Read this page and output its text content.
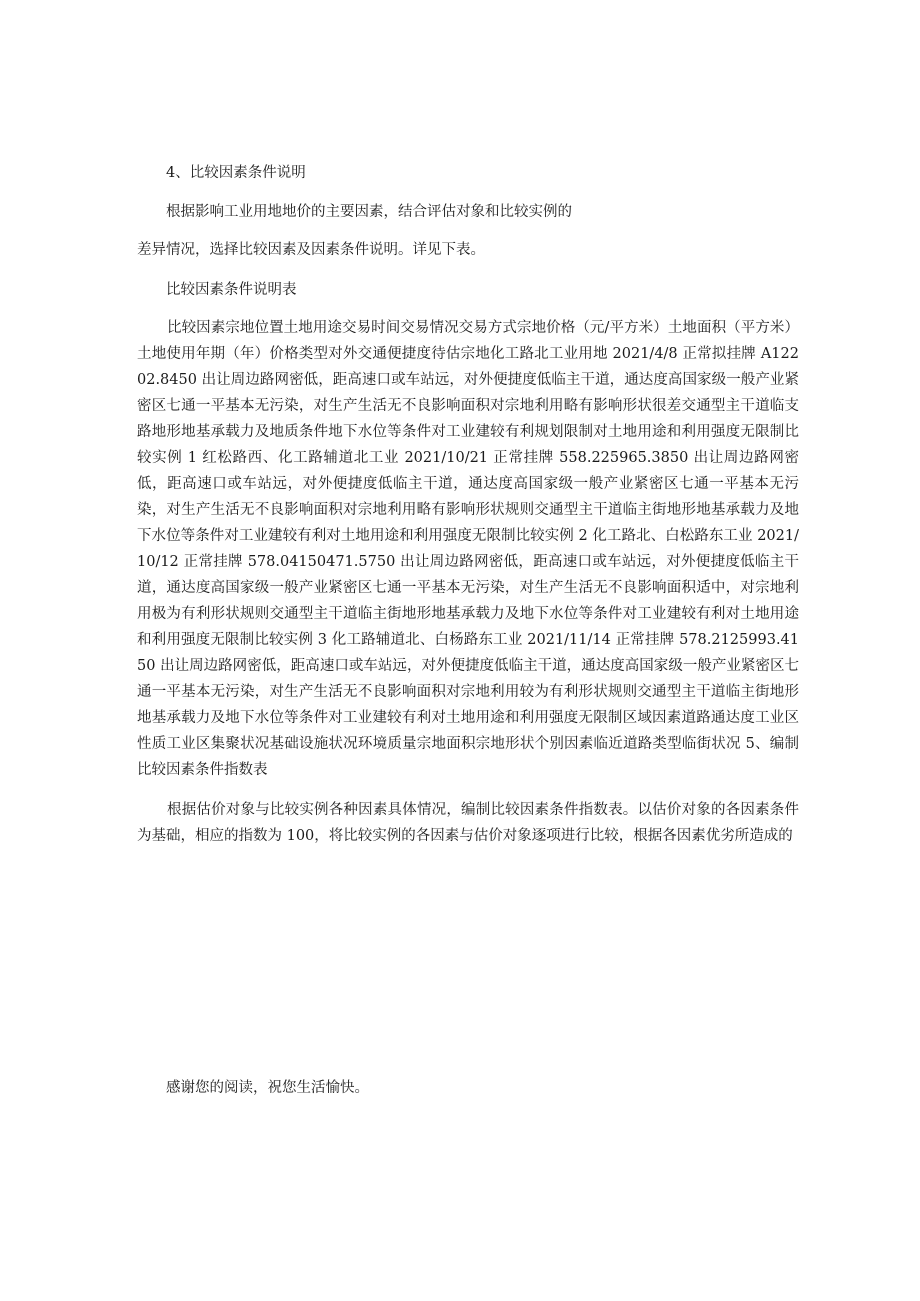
4、比较因素条件说明

根据影响工业用地地价的主要因素，结合评估对象和比较实例的

差异情况，选择比较因素及因素条件说明。详见下表。

比较因素条件说明表

比较因素宗地位置土地用途交易时间交易情况交易方式宗地价格（元/平方米）土地面积（平方米）土地使用年期（年）价格类型对外交通便捷度待估宗地化工路北工业用地 2021/4/8 正常拟挂牌 A12202.8450 出让周边路网密低，距高速口或车站远，对外便捷度低临主干道，通达度高国家级一般产业紧密区七通一平基本无污染，对生产生活无不良影响面积对宗地利用略有影响形状很差交通型主干道临支路地形地基承载力及地质条件地下水位等条件对工业建较有利规划限制对土地用途和利用强度无限制比较实例 1 红松路西、化工路辅道北工业 2021/10/21 正常挂牌 558.225965.3850 出让周边路网密低，距高速口或车站远，对外便捷度低临主干道，通达度高国家级一般产业紧密区七通一平基本无污染，对生产生活无不良影响面积对宗地利用略有影响形状规则交通型主干道临主街地形地基承载力及地下水位等条件对工业建较有利对土地用途和利用强度无限制比较实例 2 化工路北、白松路东工业 2021/10/12 正常挂牌 578.04150471.5750 出让周边路网密低，距高速口或车站远，对外便捷度低临主干道，通达度高国家级一般产业紧密区七通一平基本无污染，对生产生活无不良影响面积适中，对宗地利用极为有利形状规则交通型主干道临主街地形地基承载力及地下水位等条件对工业建较有利对土地用途和利用强度无限制比较实例 3 化工路辅道北、白杨路东工业 2021/11/14 正常挂牌 578.2125993.4150 出让周边路网密低，距高速口或车站远，对外便捷度低临主干道，通达度高国家级一般产业紧密区七通一平基本无污染，对生产生活无不良影响面积对宗地利用较为有利形状规则交通型主干道临主街地形地基承载力及地下水位等条件对工业建较有利对土地用途和利用强度无限制区域因素道路通达度工业区性质工业区集聚状况基础设施状况环境质量宗地面积宗地形状个别因素临近道路类型临街状况 5、编制比较因素条件指数表

根据估价对象与比较实例各种因素具体情况，编制比较因素条件指数表。以估价对象的各因素条件为基础，相应的指数为 100，将比较实例的各因素与估价对象逐项进行比较，根据各因素优劣所造成的

感谢您的阅读，祝您生活愉快。
